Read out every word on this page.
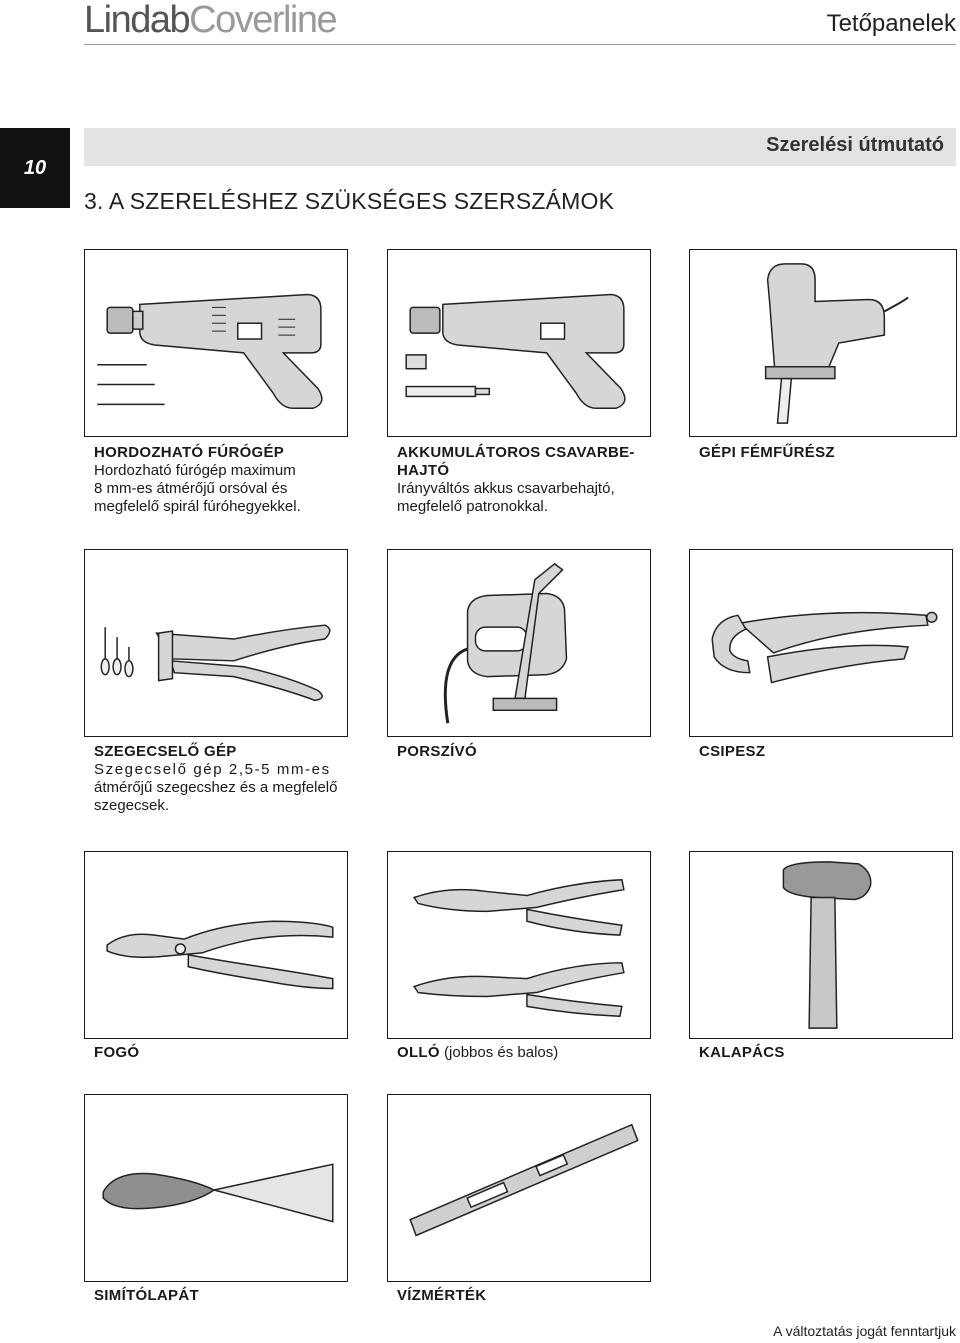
LindabCoverline	Tetőpanelek
10
Szerelési útmutató
3. A SZERELÉSHEZ SZÜKSÉGES SZERSZÁMOK
HORDOZHATÓ FÚRÓGÉP
Hordozható fúrógép maximum
8 mm-es átmérőjű orsóval és
megfelelő spirál fúróhegyekkel.
AKKUMULÁTOROS CSAVARBE-
HAJTÓ
Irányváltós akkus csavarbehajtó,
megfelelő patronokkal.
GÉPI FÉMFŰRÉSZ
SZEGECSELŐ GÉP
Szegecselő gép 2,5-5 mm-es
átmérőjű szegecshez és a megfelelő
szegecsek.
PORSZÍVÓ	CSIPESZ
FOGÓ	OLLÓ (jobbos és balos)	KALAPÁCS
SIMÍTÓLAPÁT	VÍZMÉRTÉK
A változtatás jogát fenntartjuk
